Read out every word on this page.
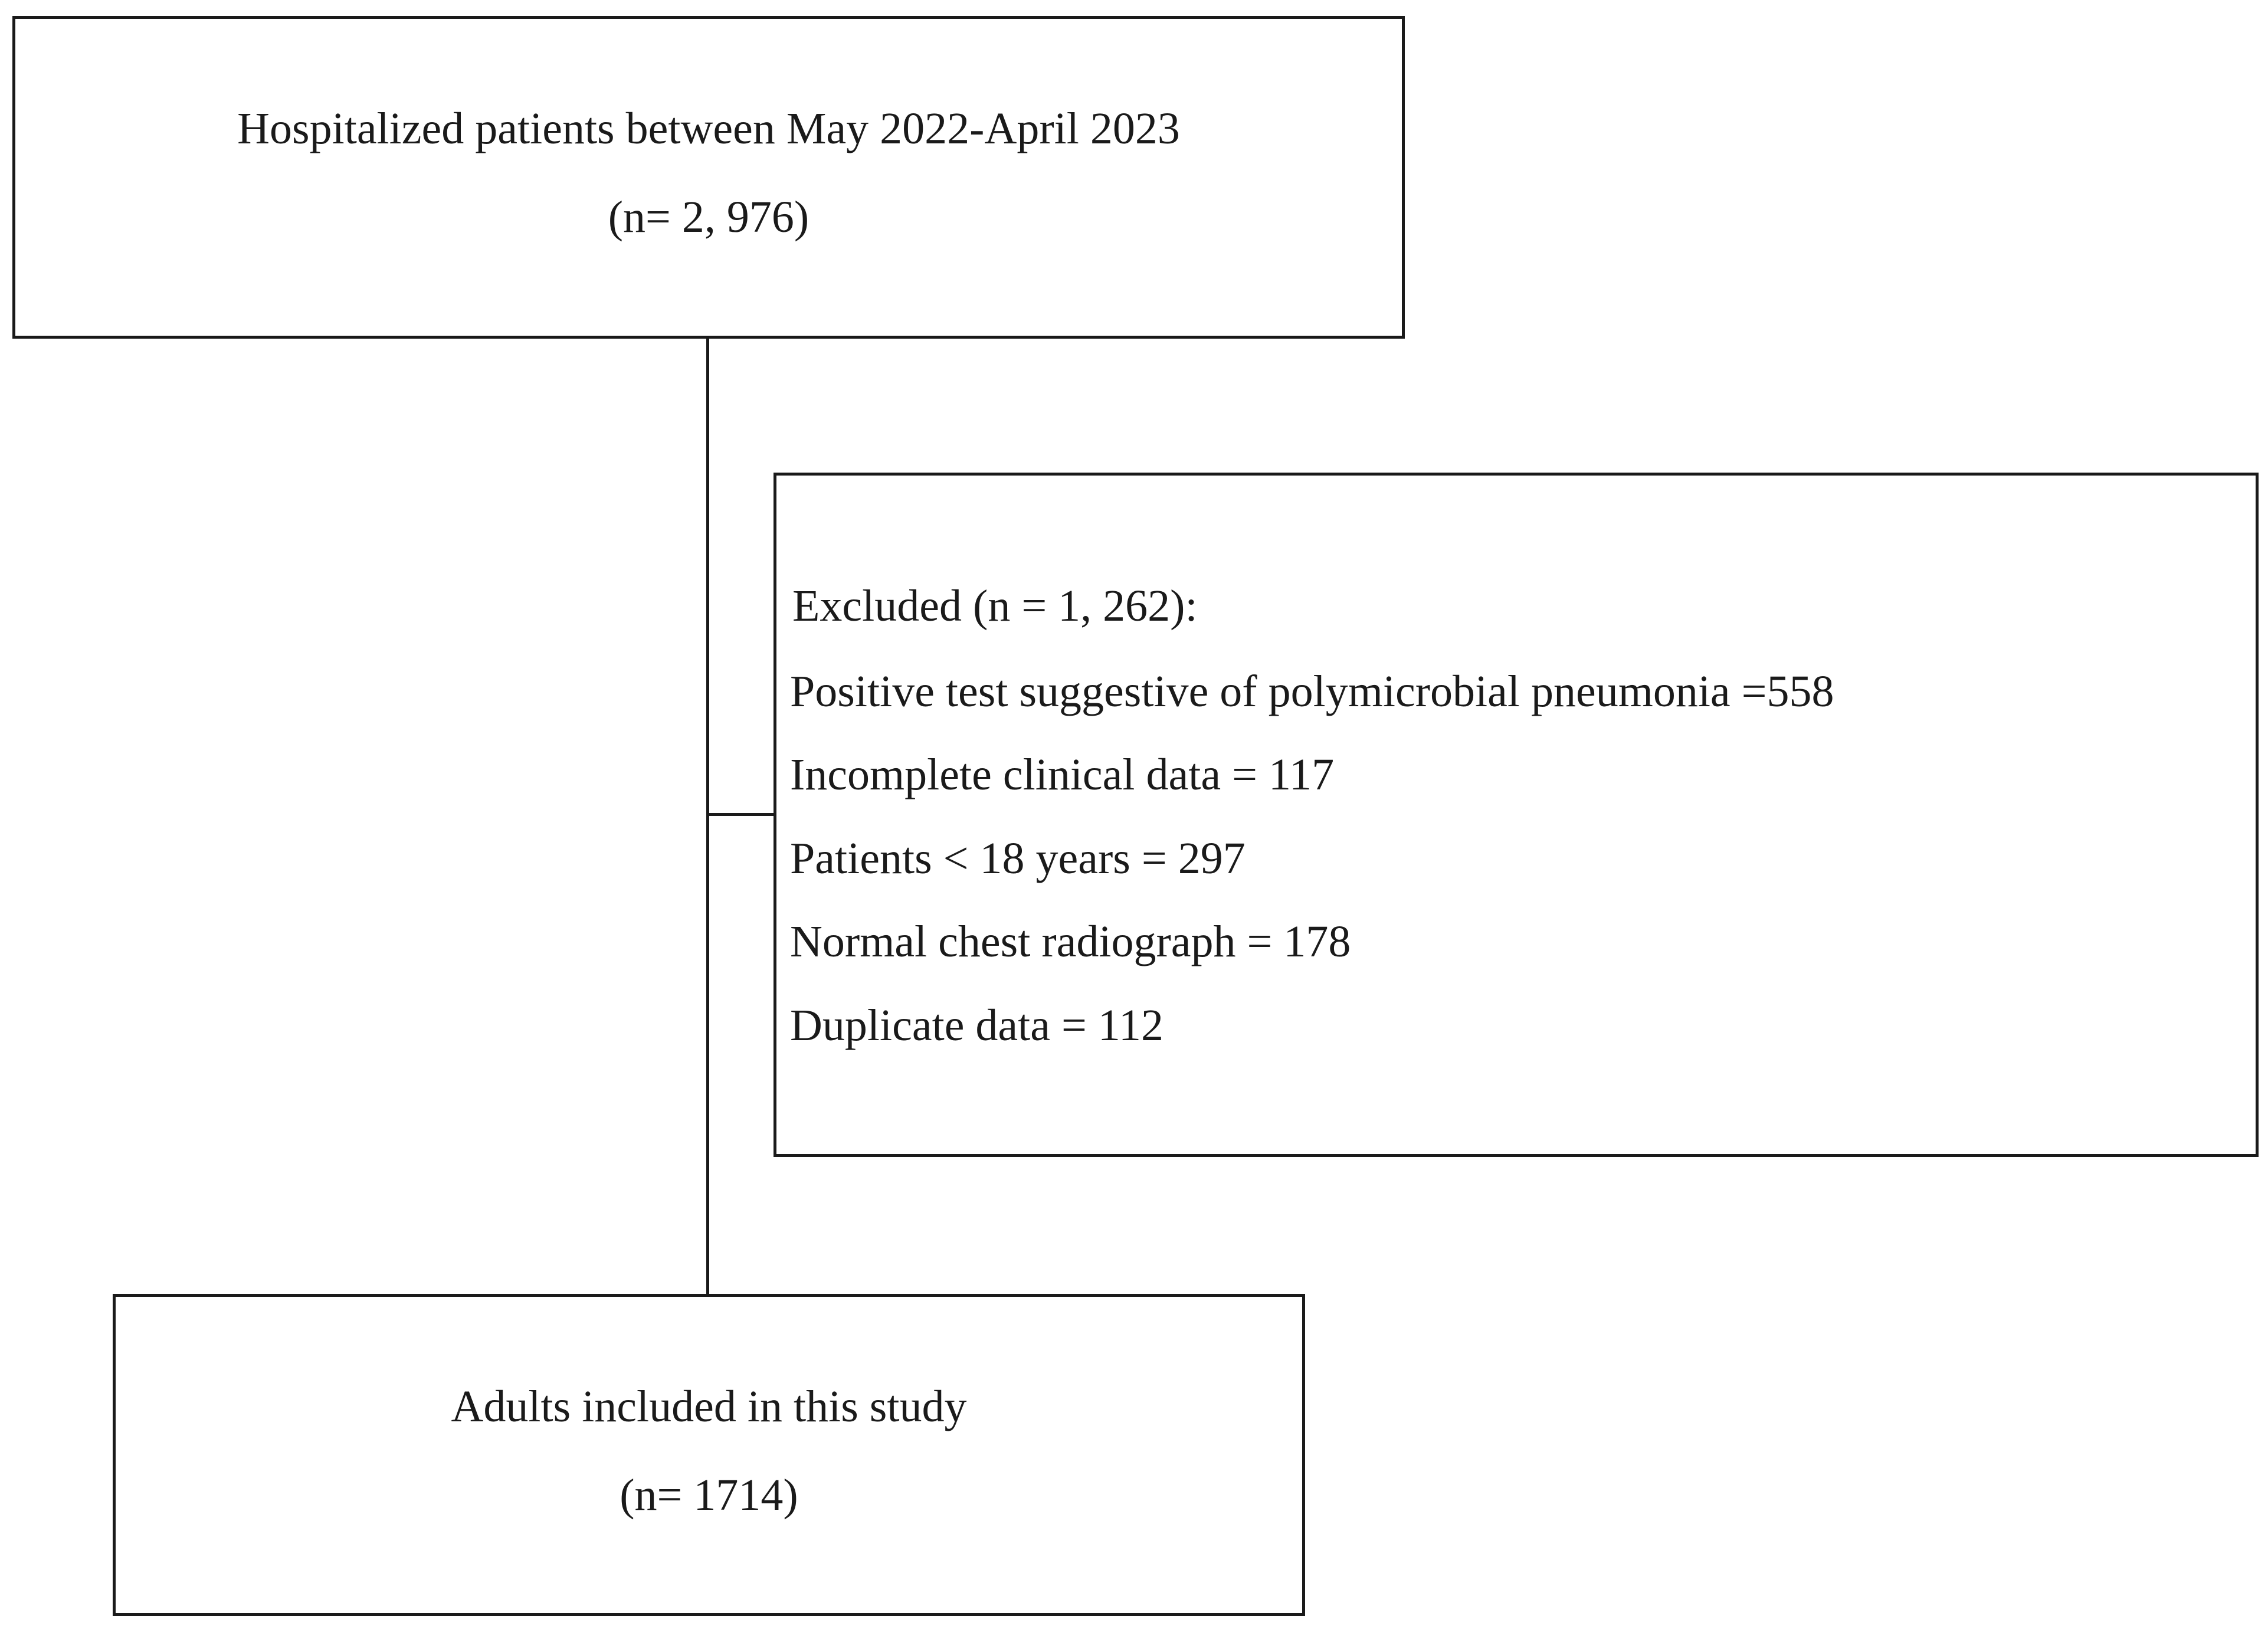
Hospitalized patients between May 2022-April 2023
(n= 2, 976)
Excluded (n = 1, 262):
Positive test suggestive of polymicrobial pneumonia =558
Incomplete clinical data = 117
Patients < 18 years = 297
Normal chest radiograph = 178
Duplicate data = 112
Adults included in this study
(n= 1714)
